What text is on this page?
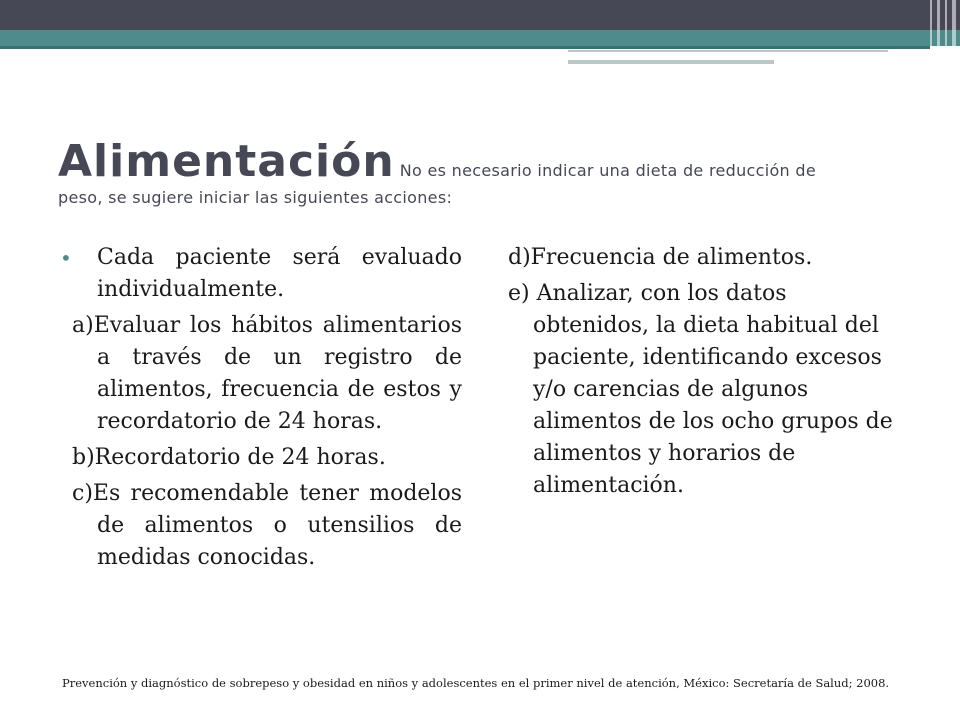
Alimentación No es necesario indicar una dieta de reducción de
peso, se sugiere iniciar las siguientes acciones:
• Cada paciente será evaluado individualmente.
a)Evaluar los hábitos alimentarios a través de un registro de alimentos, frecuencia de estos y recordatorio de 24 horas.
b)Recordatorio de 24 horas.
c)Es recomendable tener modelos de alimentos o utensilios de medidas conocidas.
d)Frecuencia de alimentos.
e) Analizar, con los datos obtenidos, la dieta habitual del paciente, identificando excesos y/o carencias de algunos alimentos de los ocho grupos de alimentos y horarios de alimentación.
Prevención y diagnóstico de sobrepeso y obesidad en niños y adolescentes en el primer nivel de atención, México: Secretaría de Salud; 2008.
